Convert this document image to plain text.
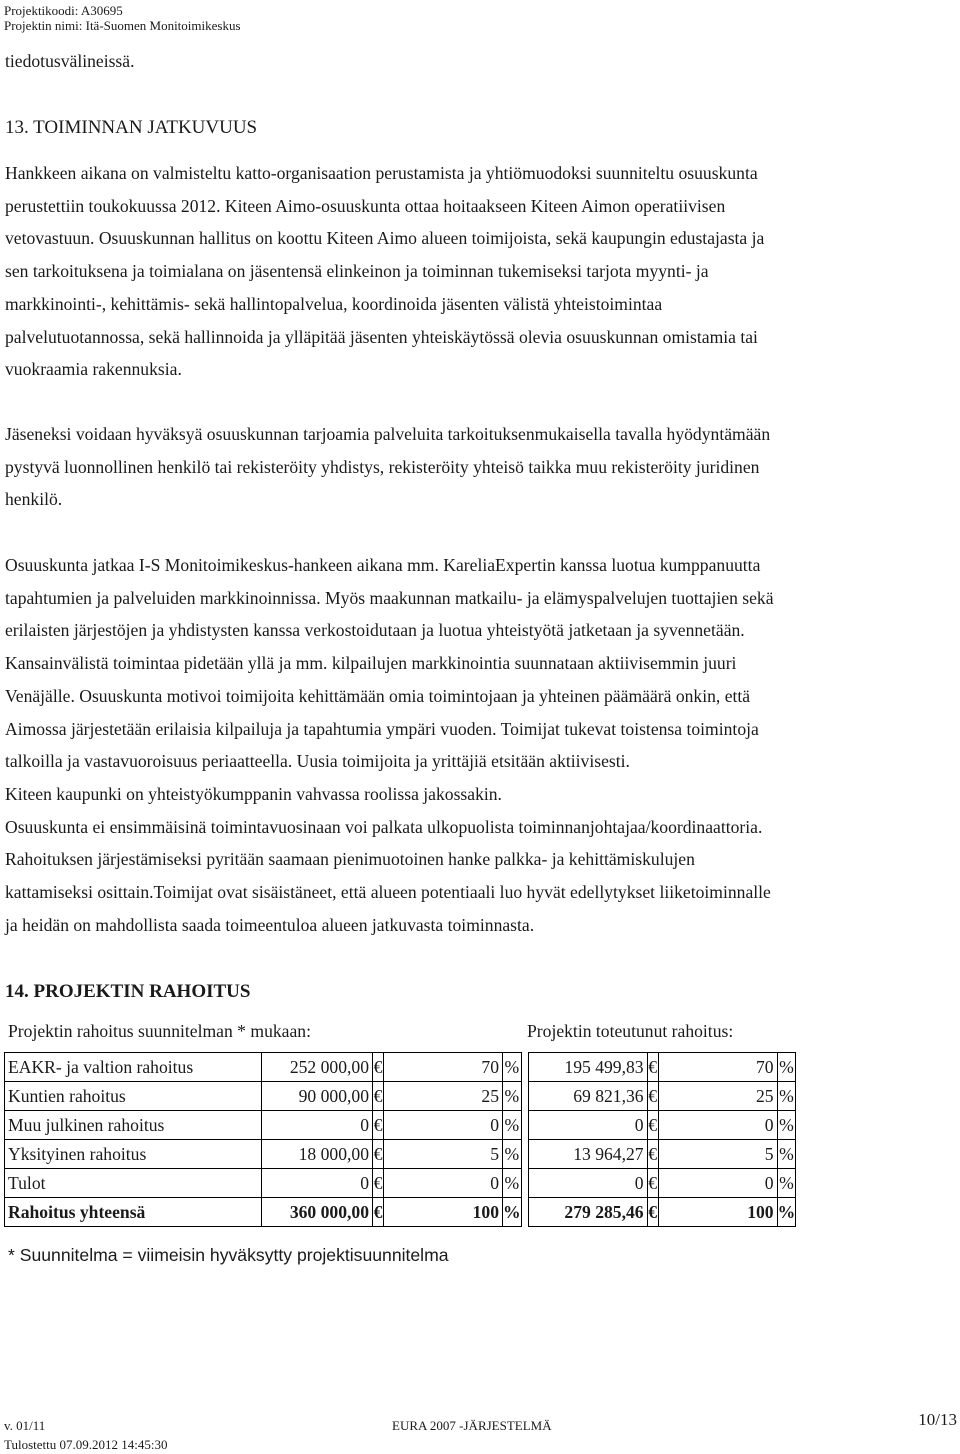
Projektikoodi: A30695
Projektin nimi: Itä-Suomen Monitoimikeskus
tiedotusvälineissä.
13. TOIMINNAN JATKUVUUS
Hankkeen aikana on valmisteltu katto-organisaation perustamista ja yhtiömuodoksi suunniteltu osuuskunta
perustettiin toukokuussa 2012. Kiteen Aimo-osuuskunta ottaa hoitaakseen Kiteen Aimon operatiivisen
vetovastuun. Osuuskunnan hallitus on koottu Kiteen Aimo alueen toimijoista, sekä kaupungin edustajasta ja
sen tarkoituksena ja toimialana on jäsentensä elinkeinon ja toiminnan tukemiseksi tarjota myynti- ja
markkinointi-, kehittämis- sekä hallintopalvelua, koordinoida jäsenten välistä yhteistoimintaa
palvelutuotannossa, sekä hallinnoida ja ylläpitää jäsenten yhteiskäytössä olevia osuuskunnan omistamia tai
vuokraamia rakennuksia.
Jäseneksi voidaan hyväksyä osuuskunnan tarjoamia palveluita tarkoituksenmukaisella tavalla hyödyntämään
pystyvä luonnollinen henkilö tai rekisteröity yhdistys, rekisteröity yhteisö taikka muu rekisteröity juridinen
henkilö.
Osuuskunta jatkaa I-S Monitoimikeskus-hankeen aikana mm. KareliaExpertin kanssa luotua kumppanuutta
tapahtumien ja palveluiden markkinoinnissa. Myös maakunnan matkailu- ja elämyspalvelujen tuottajien sekä
erilaisten järjestöjen ja yhdistysten kanssa verkostoidutaan ja luotua yhteistyötä jatketaan ja syvennetään.
Kansainvälistä toimintaa pidetään yllä ja mm. kilpailujen markkinointia suunnataan aktiivisemmin juuri
Venäjälle. Osuuskunta motivoi toimijoita kehittämään omia toimintojaan ja yhteinen päämäärä onkin, että
Aimossa järjestetään erilaisia kilpailuja ja tapahtumia ympäri vuoden. Toimijat tukevat toistensa toimintoja
talkoilla ja vastavuoroisuus periaatteella. Uusia toimijoita ja yrittäjiä etsitään aktiivisesti.
Kiteen kaupunki on yhteistyökumppanin vahvassa roolissa jakossakin.
Osuuskunta ei ensimmäisinä toimintavuosinaan voi palkata ulkopuolista toiminnanjohtajaa/koordinaattoria.
Rahoituksen järjestämiseksi pyritään saamaan pienimuotoinen hanke palkka- ja kehittämiskulujen
kattamiseksi osittain.Toimijat ovat sisäistäneet, että alueen potentiaali luo hyvät edellytykset liiketoiminnalle
ja heidän on mahdollista saada toimeentuloa alueen jatkuvasta toiminnasta.
14. PROJEKTIN RAHOITUS
Projektin rahoitus suunnitelman * mukaan:	Projektin toteutunut rahoitus:
EAKR- ja valtion rahoitus	252 000,00	€	70	%		195 499,83	€	70	%
Kuntien rahoitus	90 000,00	€	25	%		69 821,36	€	25	%
Muu julkinen rahoitus	0	€	0	%		0	€	0	%
Yksityinen rahoitus	18 000,00	€	5	%		13 964,27	€	5	%
Tulot	0	€	0	%		0	€	0	%
Rahoitus yhteensä	360 000,00	€	100	%		279 285,46	€	100	%
* Suunnitelma = viimeisin hyväksytty projektisuunnitelma
v. 01/11	EURA 2007 -JÄRJESTELMÄ	10/13
Tulostettu 07.09.2012 14:45:30
